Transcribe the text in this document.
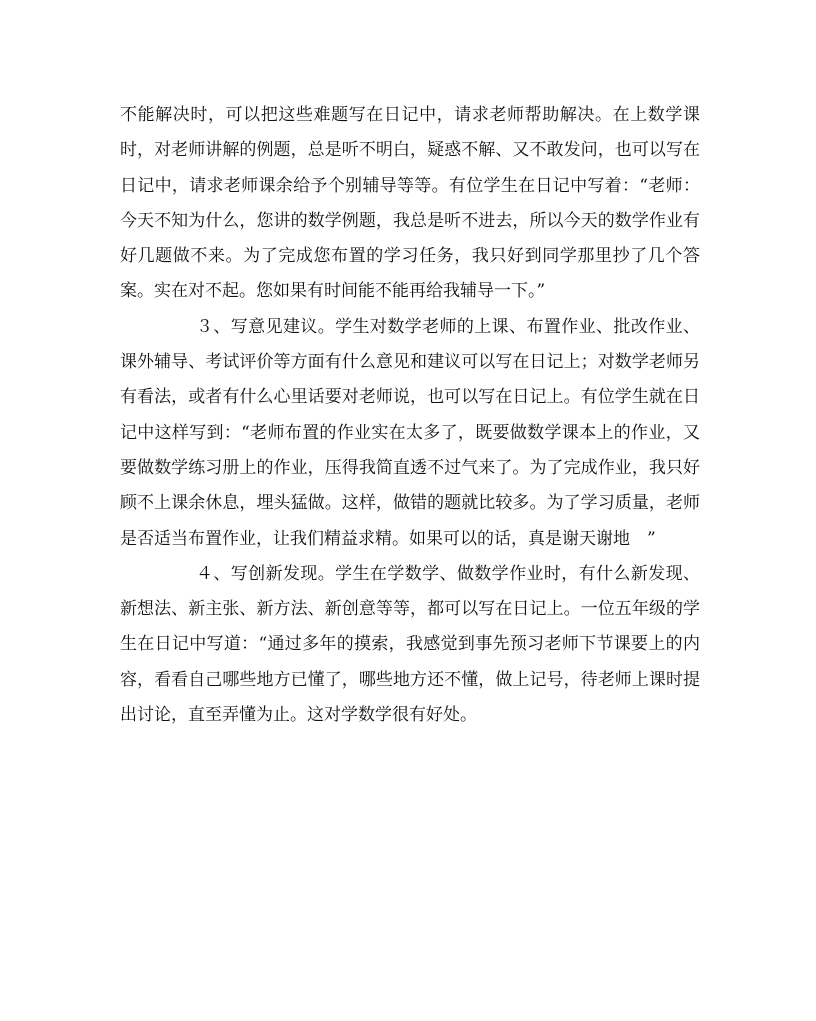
不能解决时，可以把这些难题写在日记中，请求老师帮助解决。在上数学课时，对老师讲解的例题，总是听不明白，疑惑不解、又不敢发问，也可以写在日记中，请求老师课余给予个别辅导等等。有位学生在日记中写着：“老师：今天不知为什么，您讲的数学例题，我总是听不进去，所以今天的数学作业有好几题做不来。为了完成您布置的学习任务，我只好到同学那里抄了几个答案。实在对不起。您如果有时间能不能再给我辅导一下。”

３、写意见建议。学生对数学老师的上课、布置作业、批改作业、课外辅导、考试评价等方面有什么意见和建议可以写在日记上；对数学老师另有看法，或者有什么心里话要对老师说，也可以写在日记上。有位学生就在日记中这样写到：“老师布置的作业实在太多了，既要做数学课本上的作业，又要做数学练习册上的作业，压得我简直透不过气来了。为了完成作业，我只好顾不上课余休息，埋头猛做。这样，做错的题就比较多。为了学习质量，老师是否适当布置作业，让我们精益求精。如果可以的话，真是谢天谢地　”

４、写创新发现。学生在学数学、做数学作业时，有什么新发现、新想法、新主张、新方法、新创意等等，都可以写在日记上。一位五年级的学生在日记中写道：“通过多年的摸索，我感觉到事先预习老师下节课要上的内容，看看自己哪些地方已懂了，哪些地方还不懂，做上记号，待老师上课时提出讨论，直至弄懂为止。这对学数学很有好处。
